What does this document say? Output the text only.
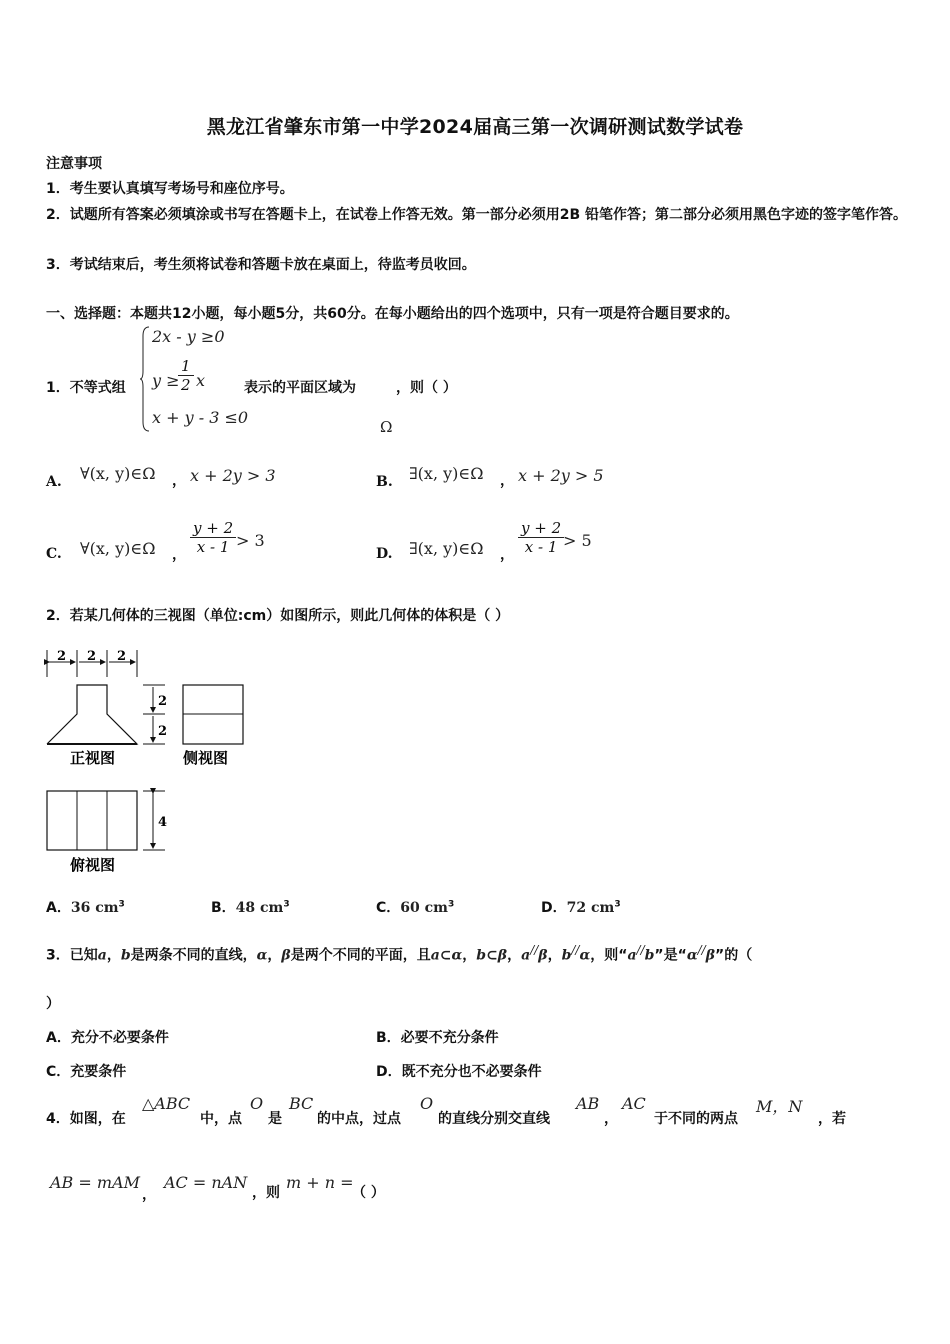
黑龙江省肇东市第一中学2024届高三第一次调研测试数学试卷
注意事项
1．考生要认真填写考场号和座位序号。
2．试题所有答案必须填涂或书写在答题卡上，在试卷上作答无效。第一部分必须用2B 铅笔作答；第二部分必须用黑色字迹的签字笔作答。
3．考试结束后，考生须将试卷和答题卡放在桌面上，待监考员收回。
一、选择题：本题共12小题，每小题5分，共60分。在每小题给出的四个选项中，只有一项是符合题目要求的。
1．不等式组
2x - y ≥0
y ≥
$\frac{1}{2}$ x
x + y - 3 ≤0
表示的平面区域为	，则（ ）
Ω
A. ∀(x, y)∈Ω ， x + 2y > 3	B. ∃(x, y)∈Ω ， x + 2y > 5
C. ∀(x, y)∈Ω ， $\frac{y + 2}{x - 1} > 3$
D. ∃(x, y)∈Ω ， $\frac{y + 2}{x - 1}$
> 5
2．若某几何体的三视图（单位:cm）如图所示，则此几何体的体积是（ ）
2 2 2
2
2
正视图	侧视图
4
俯视图
A．36 $cm^3$	B．48 $cm^3$	C．60 $cm^3$	D．72 $cm^3$
3．已知a，b是两条不同的直线，α，β是两个不同的平面，且a⊂α，b⊂β，a//β，b//α，则“a//b”是“α//β”的（
）
A．充分不必要条件	B．必要不充分条件
C．充要条件	D．既不充分也不必要条件
4．如图，在
△ABC
中，点
O
是
BC
的中点，过点
O
的直线分别交直线
AB
，
AC
于不同的两点
M，N
，若
AB = mAM
，
AC = nAN
，则
m + n =
（ ）
